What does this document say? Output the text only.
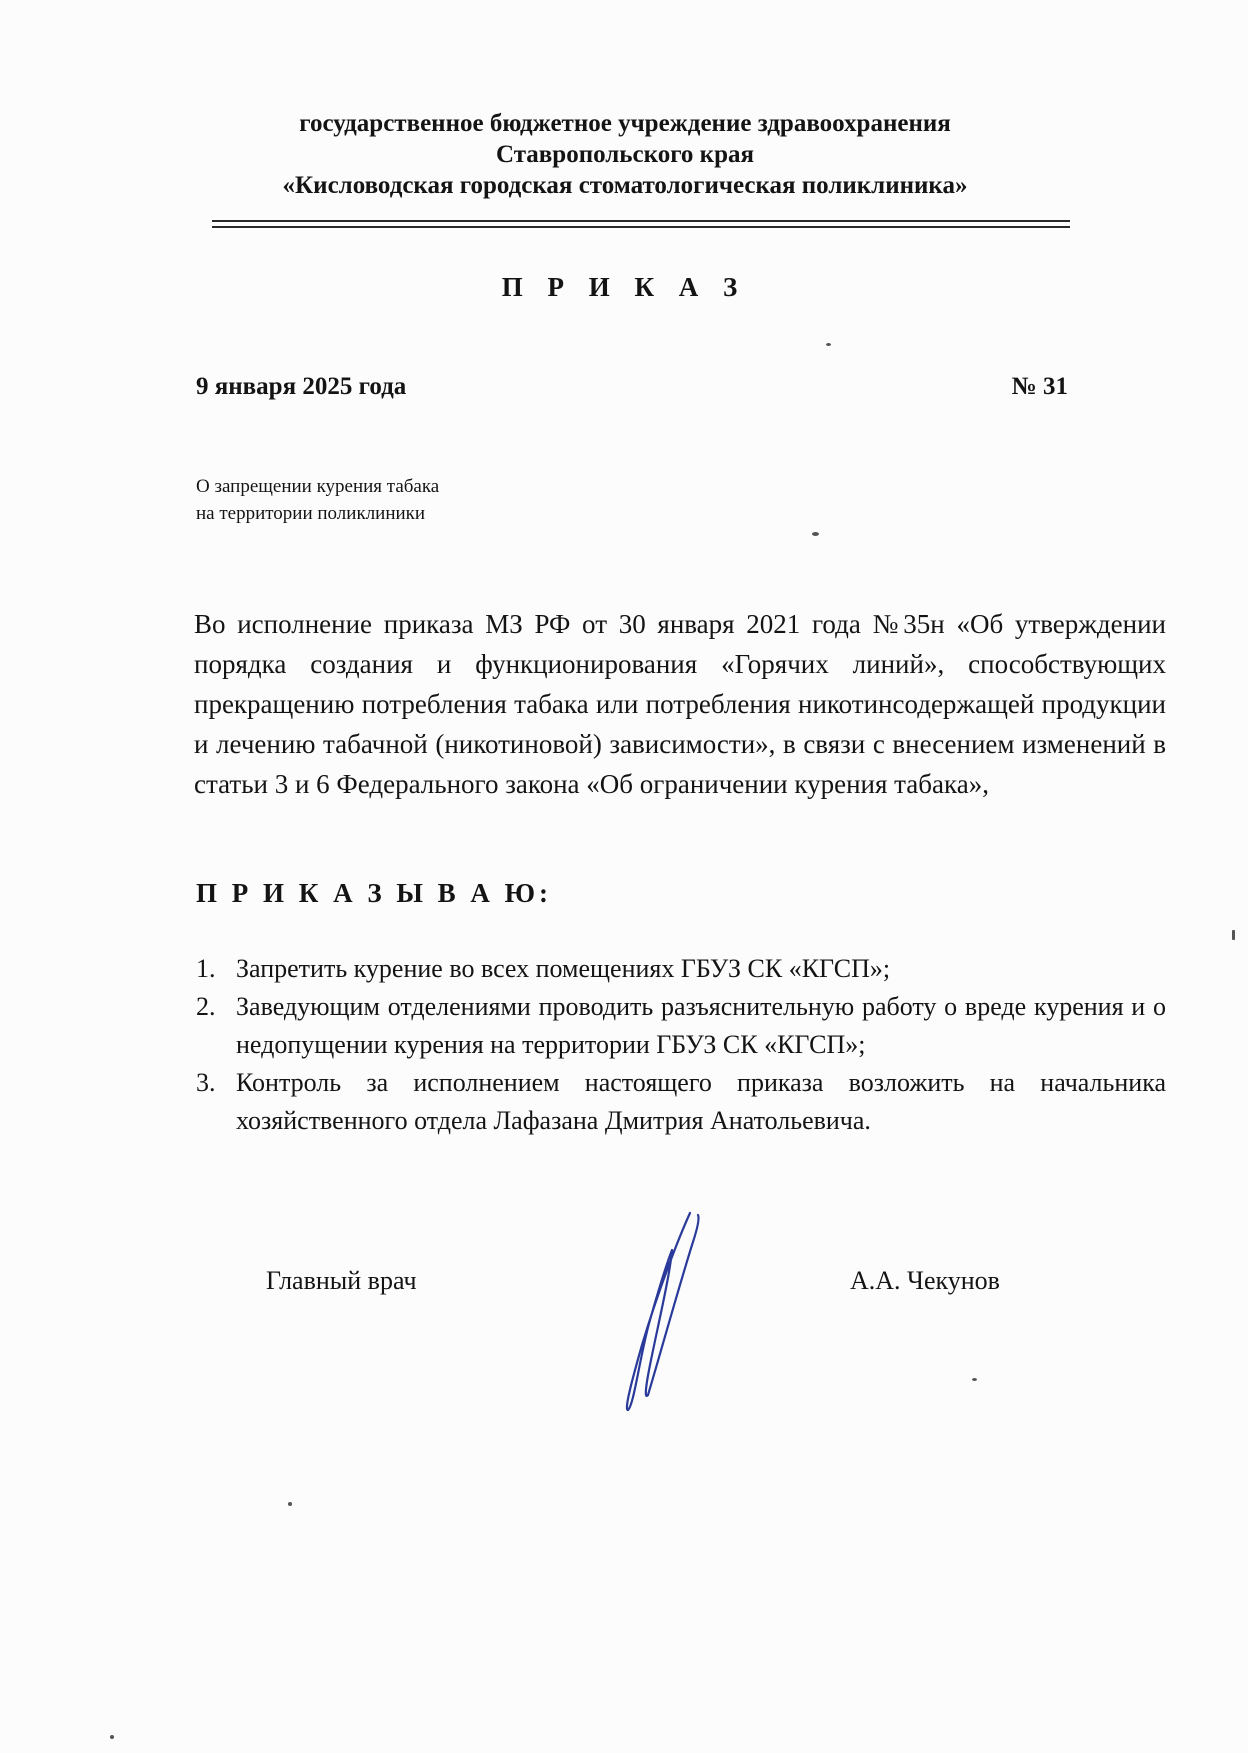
государственное бюджетное учреждение здравоохранения
Ставропольского края
«Кисловодская городская стоматологическая поликлиника»
П Р И К А З
9 января 2025 года	№ 31
О запрещении курения табака
на территории поликлиники
Во исполнение приказа МЗ РФ от 30 января 2021 года №35н «Об утверждении порядка создания и функционирования «Горячих линий», способствующих прекращению потребления табака или потребления никотинсодержащей продукции и лечению табачной (никотиновой) зависимости», в связи с внесением изменений в статьи 3 и 6 Федерального закона «Об ограничении курения табака»,
П Р И К А З Ы В А Ю:
1. Запретить курение во всех помещениях ГБУЗ СК «КГСП»;
2. Заведующим отделениями проводить разъяснительную работу о вреде курения и о недопущении курения на территории ГБУЗ СК «КГСП»;
3. Контроль за исполнением настоящего приказа возложить на начальника хозяйственного отдела Лафазана Дмитрия Анатольевича.
Главный врач	А.А. Чекунов
